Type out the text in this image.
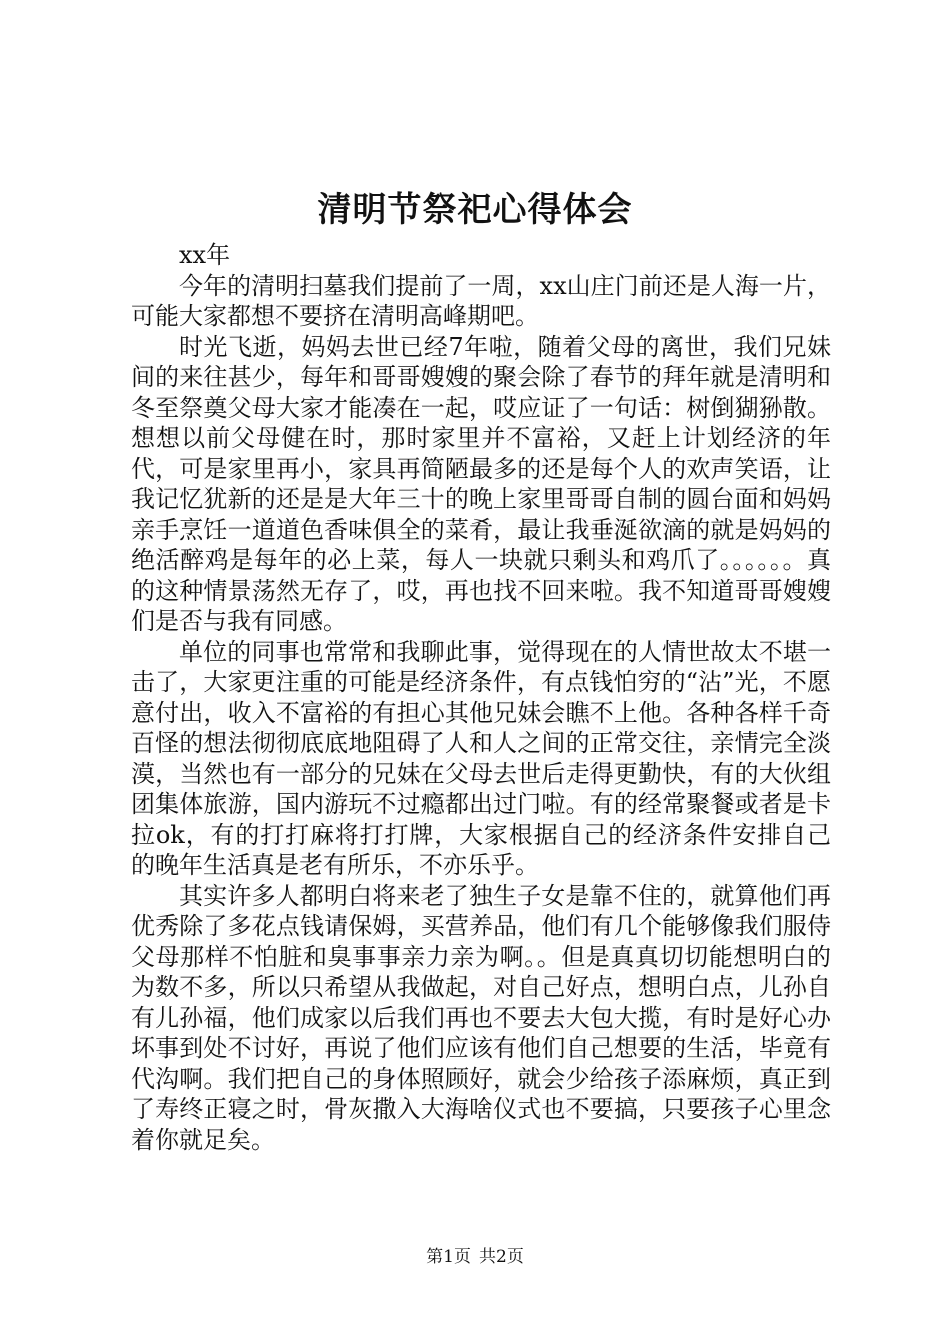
清明节祭祀心得体会

xx年

今年的清明扫墓我们提前了一周，xx山庄门前还是人海一片，可能大家都想不要挤在清明高峰期吧。

时光飞逝，妈妈去世已经7年啦，随着父母的离世，我们兄妹间的来往甚少，每年和哥哥嫂嫂的聚会除了春节的拜年就是清明和冬至祭奠父母大家才能凑在一起，哎应证了一句话：树倒猢狲散。想想以前父母健在时，那时家里并不富裕，又赶上计划经济的年代，可是家里再小，家具再简陋最多的还是每个人的欢声笑语，让我记忆犹新的还是是大年三十的晚上家里哥哥自制的圆台面和妈妈亲手烹饪一道道色香味俱全的菜肴，最让我垂涎欲滴的就是妈妈的绝活醉鸡是每年的必上菜，每人一块就只剩头和鸡爪了。。。。。。真的这种情景荡然无存了，哎，再也找不回来啦。我不知道哥哥嫂嫂们是否与我有同感。

单位的同事也常常和我聊此事，觉得现在的人情世故太不堪一击了，大家更注重的可能是经济条件，有点钱怕穷的“沾”光，不愿意付出，收入不富裕的有担心其他兄妹会瞧不上他。各种各样千奇百怪的想法彻彻底底地阻碍了人和人之间的正常交往，亲情完全淡漠，当然也有一部分的兄妹在父母去世后走得更勤快，有的大伙组团集体旅游，国内游玩不过瘾都出过门啦。有的经常聚餐或者是卡拉ok，有的打打麻将打打牌，大家根据自己的经济条件安排自己的晚年生活真是老有所乐，不亦乐乎。

其实许多人都明白将来老了独生子女是靠不住的，就算他们再优秀除了多花点钱请保姆，买营养品，他们有几个能够像我们服侍父母那样不怕脏和臭事事亲力亲为啊。。但是真真切切能想明白的为数不多，所以只希望从我做起，对自己好点，想明白点，儿孙自有儿孙福，他们成家以后我们再也不要去大包大揽，有时是好心办坏事到处不讨好，再说了他们应该有他们自己想要的生活，毕竟有代沟啊。我们把自己的身体照顾好，就会少给孩子添麻烦，真正到了寿终正寝之时，骨灰撒入大海啥仪式也不要搞，只要孩子心里念着你就足矣。

第1页 共2页
